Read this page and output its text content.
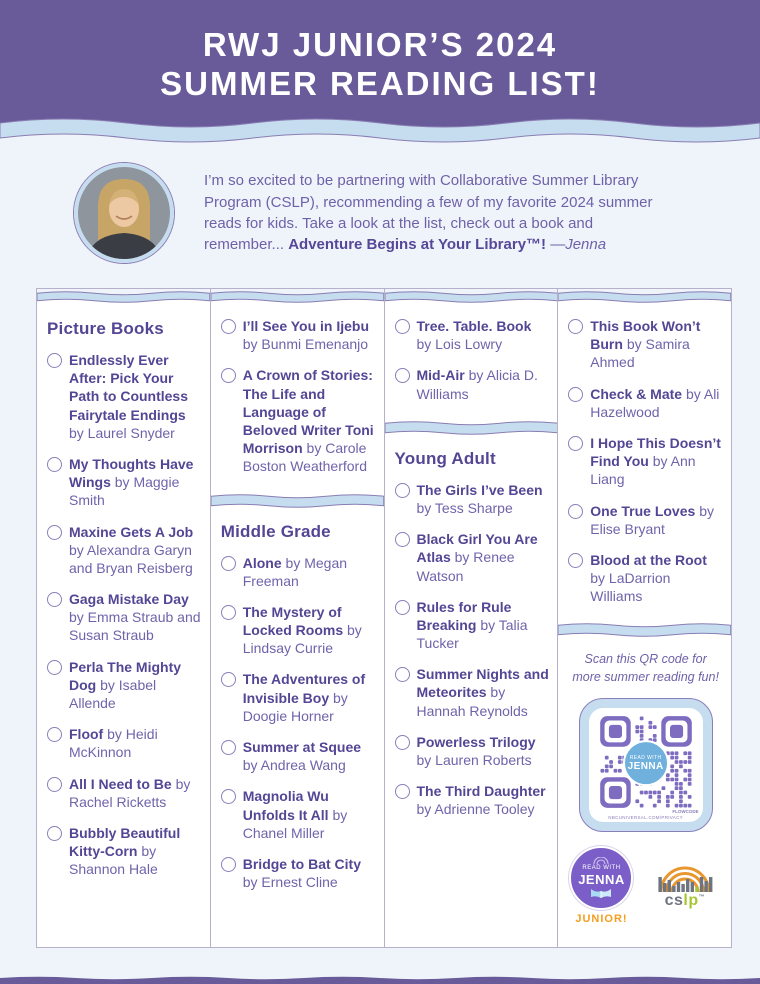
RWJ JUNIOR’S 2024
SUMMER READING LIST!

I’m so excited to be partnering with Collaborative Summer Library Program (CSLP), recommending a few of my favorite 2024 summer reads for kids. Take a look at the list, check out a book and remember... Adventure Begins at Your Library™! —Jenna

Picture Books

Endlessly Ever After: Pick Your Path to Countless Fairytale Endings by Laurel Snyder

My Thoughts Have Wings by Maggie Smith

Maxine Gets A Job by Alexandra Garyn and Bryan Reisberg

Gaga Mistake Day by Emma Straub and Susan Straub

Perla The Mighty Dog by Isabel Allende

Floof by Heidi McKinnon

All I Need to Be by Rachel Ricketts

Bubbly Beautiful Kitty-Corn by Shannon Hale

I’ll See You in Ijebu by Bunmi Emenanjo

A Crown of Stories: The Life and Language of Beloved Writer Toni Morrison by Carole Boston Weatherford

Middle Grade

Alone by Megan Freeman

The Mystery of Locked Rooms by Lindsay Currie

The Adventures of Invisible Boy by Doogie Horner

Summer at Squee by Andrea Wang

Magnolia Wu Unfolds It All by Chanel Miller

Bridge to Bat City by Ernest Cline

Tree. Table. Book by Lois Lowry

Mid-Air by Alicia D. Williams

Young Adult

The Girls I’ve Been by Tess Sharpe

Black Girl You Are Atlas by Renee Watson

Rules for Rule Breaking by Talia Tucker

Summer Nights and Meteorites by Hannah Reynolds

Powerless Trilogy by Lauren Roberts

The Third Daughter by Adrienne Tooley

This Book Won’t Burn by Samira Ahmed

Check & Mate by Ali Hazelwood

I Hope This Doesn’t Find You by Ann Liang

One True Loves by Elise Bryant

Blood at the Root by LaDarrion Williams

Scan this QR code for more summer reading fun!

READ WITH
JENNA
NBCUNIVERSAL.COM/PRIVACY
FLOWCODE
READ WITH
JENNA
JUNIOR!
cslp™
